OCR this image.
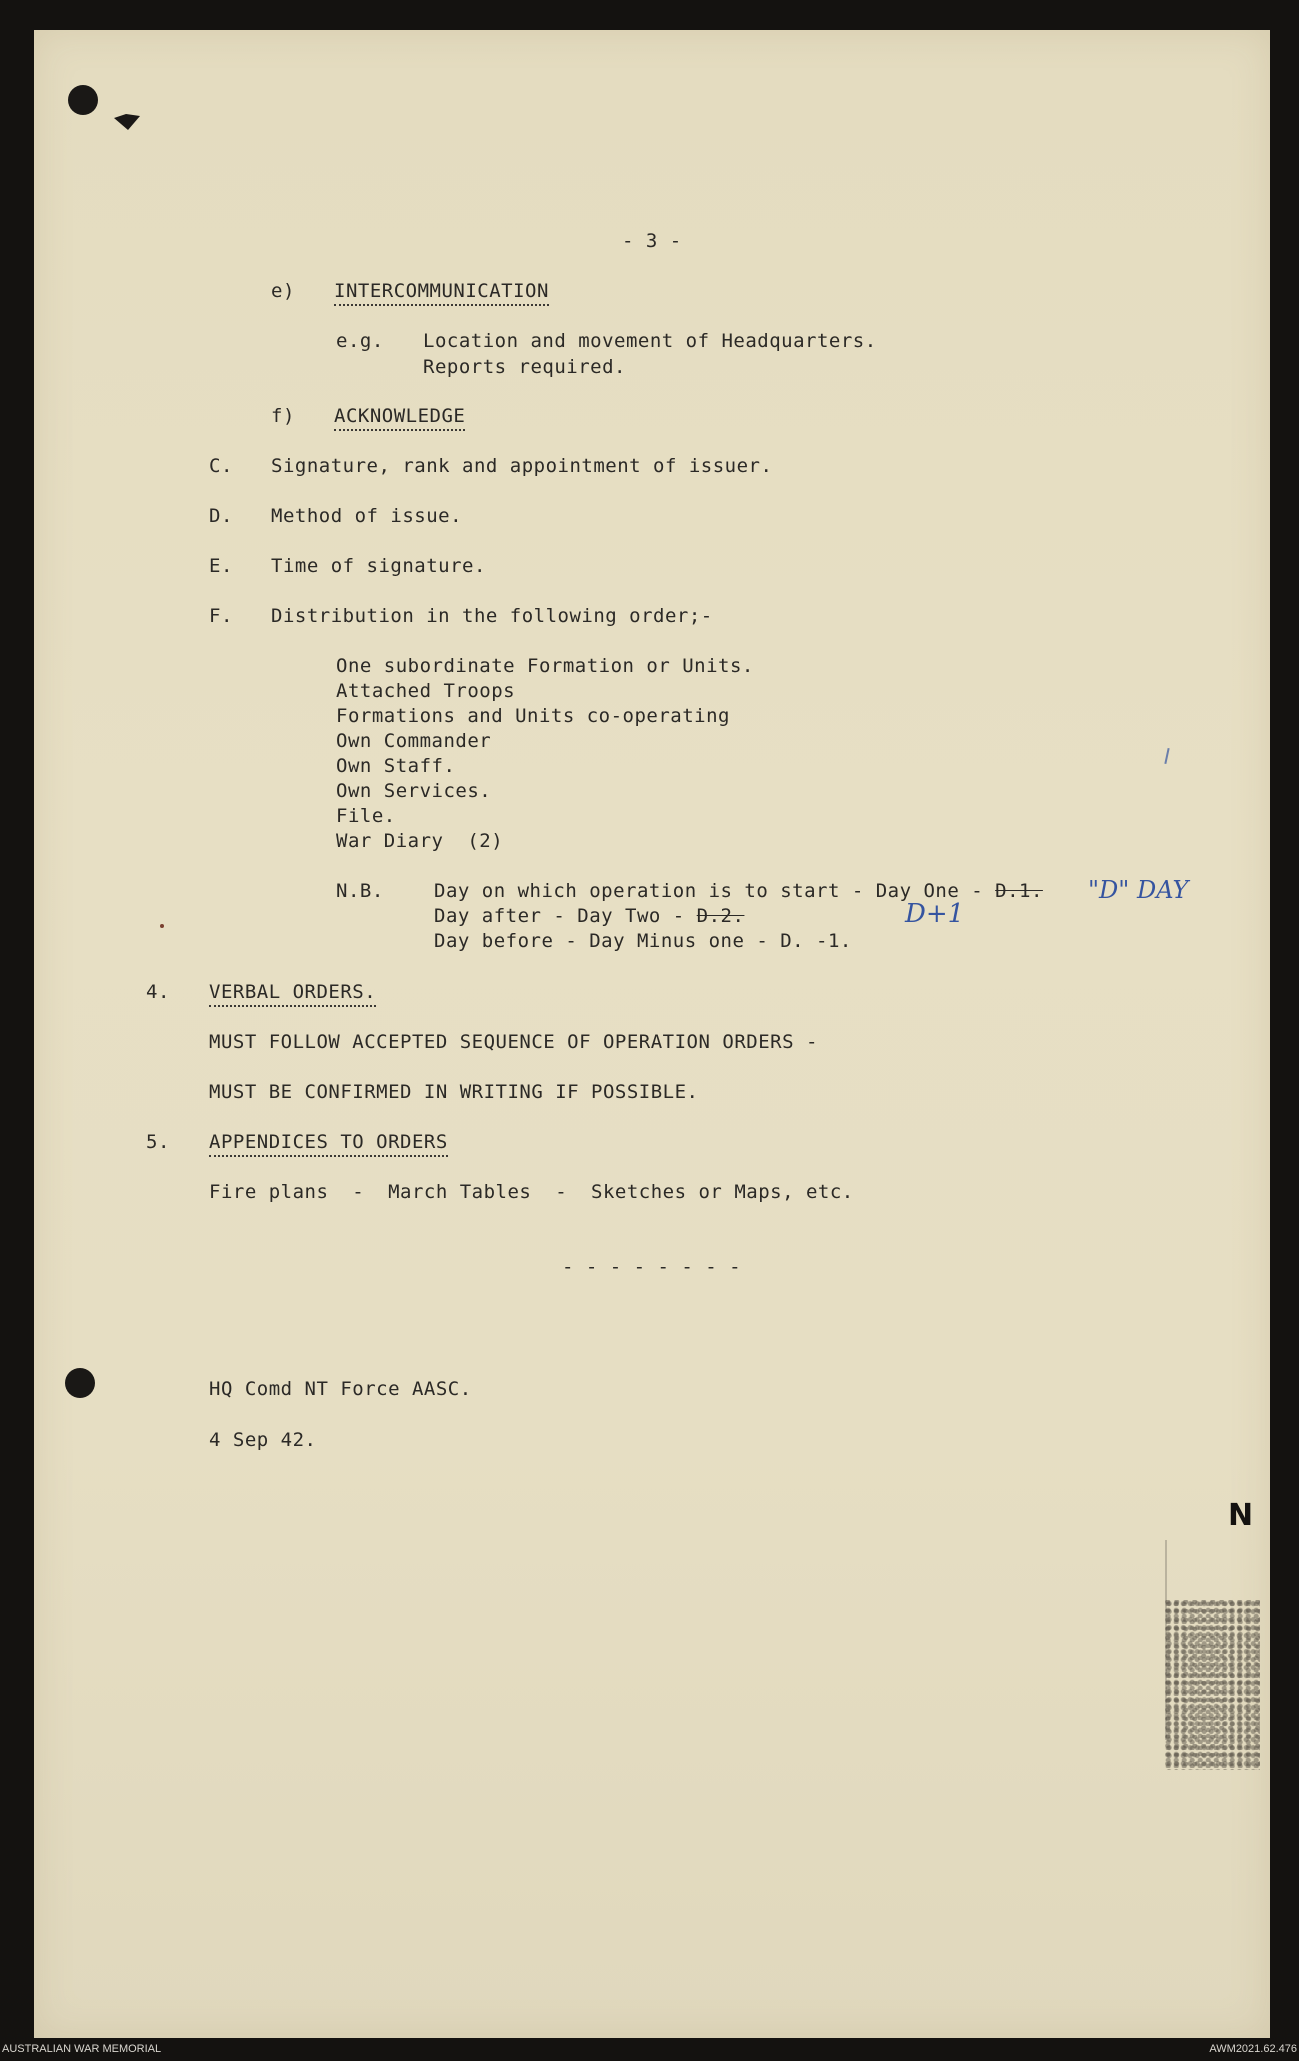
- 3 -
e) INTERCOMMUNICATION
e.g. Location and movement of Headquarters.
Reports required.
f) ACKNOWLEDGE
C. Signature, rank and appointment of issuer.
D. Method of issue.
E. Time of signature.
F. Distribution in the following order;-
One subordinate Formation or Units.
Attached Troops
Formations and Units co-operating
Own Commander
Own Staff.
Own Services.
File.
War Diary  (2)
N.B.	Day on which operation is to start - Day One - D.1.
Day after - Day Two - D.2.
Day before - Day Minus one - D. -1.
"D" DAY
D+1
4. VERBAL ORDERS.
MUST FOLLOW ACCEPTED SEQUENCE OF OPERATION ORDERS -
MUST BE CONFIRMED IN WRITING IF POSSIBLE.
5. APPENDICES TO ORDERS
Fire plans  -  March Tables  -  Sketches or Maps, etc.
- - - - - - - -
HQ Comd NT Force AASC.
4 Sep 42.
N
AUSTRALIAN WAR MEMORIAL	AWM2021.62.476
